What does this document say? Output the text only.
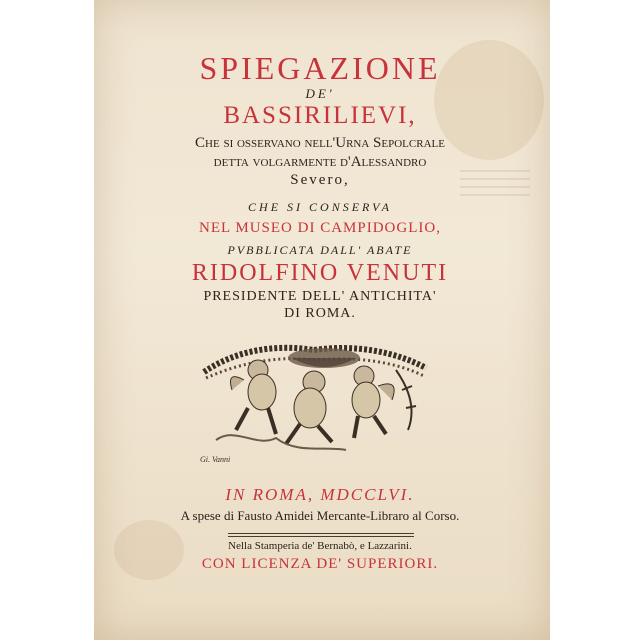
SPIEGAZIONE
DE'
BASSIRILIEVI,
Che si osservano nell'Urna Sepolcrale
detta volgarmente d'Alessandro
Severo,
CHE SI CONSERVA
NEL MUSEO DI CAMPIDOGLIO,
PVBBLICATA DALL' ABATE
RIDOLFINO VENUTI
PRESIDENTE DELL' ANTICHITA'
DI ROMA.
Gi. Vanni
IN ROMA, MDCCLVI.
A spese di Fausto Amidei Mercante-Libraro al Corso.
Nella Stamperia de' Bernabò, e Lazzarini.
CON LICENZA DE' SUPERIORI.
